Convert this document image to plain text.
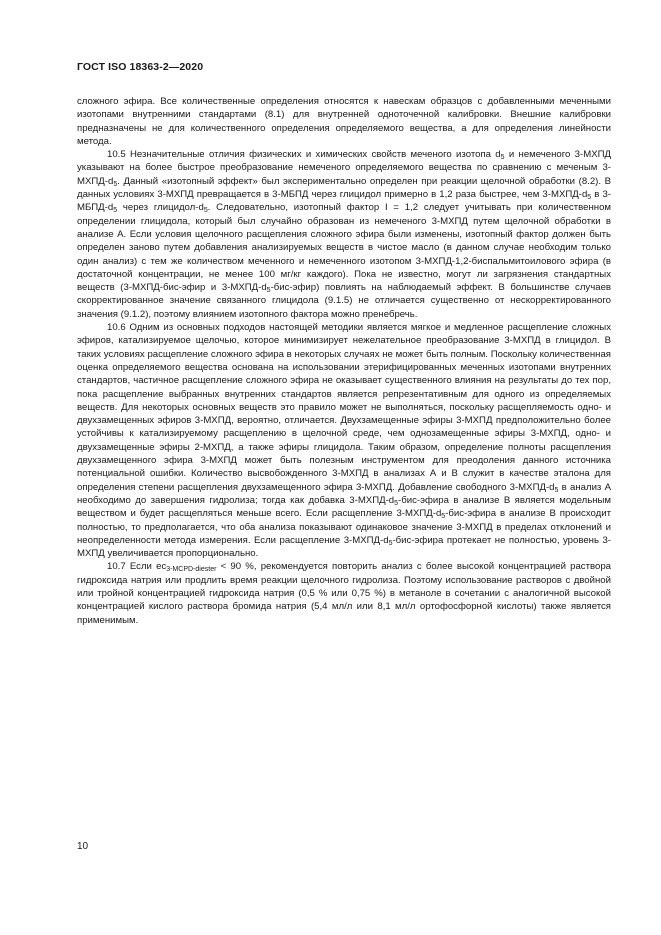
ГОСТ ISO 18363-2—2020

сложного эфира. Все количественные определения относятся к навескам образцов с добавленными меченными изотопами внутренними стандартами (8.1) для внутренней одноточечной калибровки. Внешние калибровки предназначены не для количественного определения определяемого вещества, а для определения линейности метода.

10.5 Незначительные отличия физических и химических свойств меченого изотопа $d_5$ и немеченого 3-МХПД указывают на более быстрое преобразование немеченого определяемого вещества по сравнению с меченым $3-МХПД-d_5$. Данный «изотопный эффект» был экспериментально определен при реакции щелочной обработки (8.2). В данных условиях 3-МХПД превращается в 3-МБПД через глицидол примерно в 1,2 раза быстрее, чем $3-МХПД-d_5$ в $3-МБПД-d_5$ через глицидол-$d_5$. Следовательно, изотопный фактор I = 1,2 следует учитывать при количественном определении глицидола, который был случайно образован из немеченого 3-МХПД путем щелочной обработки в анализе А. Если условия щелочного расщепления сложного эфира были изменены, изотопный фактор должен быть определен заново путем добавления анализируемых веществ в чистое масло (в данном случае необходим только один анализ) с тем же количеством меченного и немеченного изотопом 3-МХПД-1,2-биспальмитоилового эфира (в достаточной концентрации, не менее 100 мг/кг каждого). Пока не известно, могут ли загрязнения стандартных веществ (3-МХПД-бис-эфир и $3-МХПД-d_5-бис-эфир$) повлиять на наблюдаемый эффект. В большинстве случаев скорректированное значение связанного глицидола (9.1.5) не отличается существенно от нескорректированного значения (9.1.2), поэтому влиянием изотопного фактора можно пренебречь.

10.6 Одним из основных подходов настоящей методики является мягкое и медленное расщепление сложных эфиров, катализируемое щелочью, которое минимизирует нежелательное преобразование 3-МХПД в глицидол. В таких условиях расщепление сложного эфира в некоторых случаях не может быть полным. Поскольку количественная оценка определяемого вещества основана на использовании этерифицированных меченных изотопами внутренних стандартов, частичное расщепление сложного эфира не оказывает существенного влияния на результаты до тех пор, пока расщепление выбранных внутренних стандартов является репрезентативным для одного из определяемых веществ. Для некоторых основных веществ это правило может не выполняться, поскольку расщепляемость одно- и двухзамещенных эфиров 3-МХПД, вероятно, отличается. Двухзамещенные эфиры 3-МХПД предположительно более устойчивы к катализируемому расщеплению в щелочной среде, чем однозамещенные эфиры 3-МХПД, одно- и двухзамещенные эфиры 2-МХПД, а также эфиры глицидола. Таким образом, определение полноты расщепления двухзамещенного эфира 3-МХПД может быть полезным инструментом для преодоления данного источника потенциальной ошибки. Количество высвобожденного 3-МХПД в анализах А и В служит в качестве эталона для определения степени расщепления двухзамещенного эфира 3-МХПД. Добавление свободного $3-МХПД-d_5$ в анализ А необходимо до завершения гидролиза; тогда как добавка $3-МХПД-d_5-бис$-эфира в анализе В является модельным веществом и будет расщепляться меньше всего. Если расщепление $3-МХПД-d_5-бис$-эфира в анализе В происходит полностью, то предполагается, что оба анализа показывают одинаковое значение 3-МХПД в пределах отклонений и неопределенности метода измерения. Если расщепление $3-МХПД-d_5-бис$-эфира протекает не полностью, уровень 3-МХПД увеличивается пропорционально.

10.7 Если $ес_{3-MCPD-diester} < 90$ %, рекомендуется повторить анализ с более высокой концентрацией раствора гидроксида натрия или продлить время реакции щелочного гидролиза. Поэтому использование растворов с двойной или тройной концентрацией гидроксида натрия (0,5 % или 0,75 %) в метаноле в сочетании с аналогичной высокой концентрацией кислого раствора бромида натрия (5,4 мл/л или 8,1 мл/л ортофосфорной кислоты) также является применимым.

10
